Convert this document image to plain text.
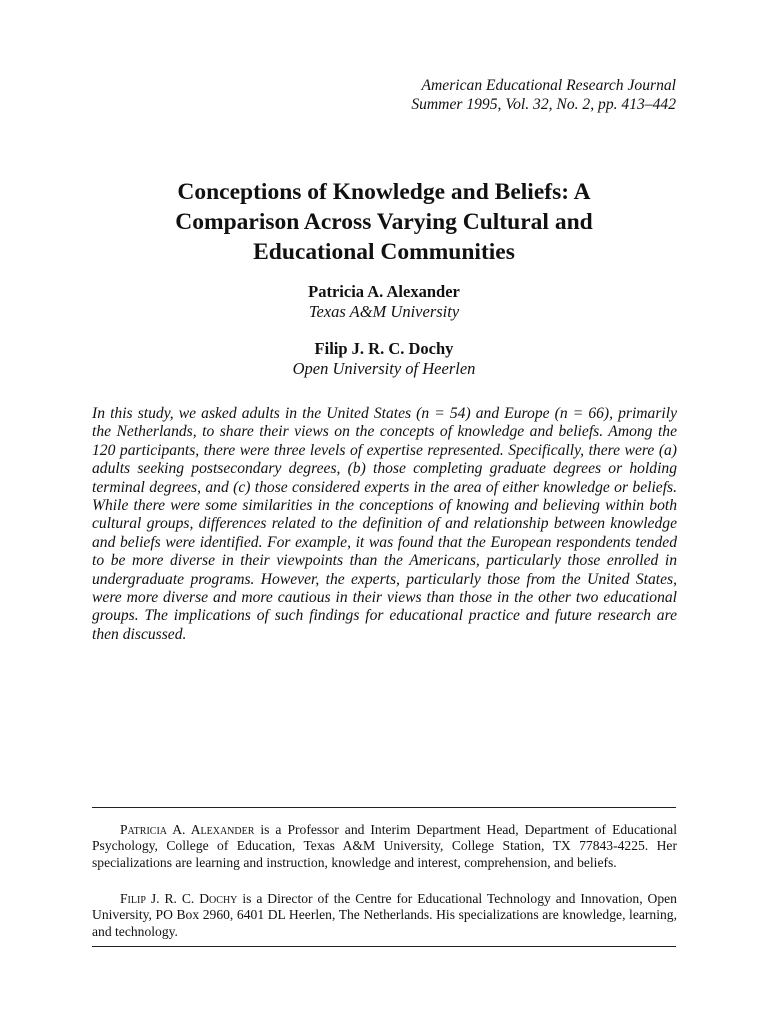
American Educational Research Journal
Summer 1995, Vol. 32, No. 2, pp. 413–442
Conceptions of Knowledge and Beliefs: A
Comparison Across Varying Cultural and
Educational Communities
Patricia A. Alexander
Texas A&M University
Filip J. R. C. Dochy
Open University of Heerlen

In this study, we asked adults in the United States (n = 54) and Europe (n = 66), primarily the Netherlands, to share their views on the concepts of knowledge and beliefs. Among the 120 participants, there were three levels of expertise represented. Specifically, there were (a) adults seeking postsecondary degrees, (b) those completing graduate degrees or holding terminal degrees, and (c) those considered experts in the area of either knowledge or beliefs. While there were some similarities in the conceptions of knowing and believing within both cultural groups, differences related to the definition of and relationship between knowledge and beliefs were identified. For example, it was found that the European respondents tended to be more diverse in their viewpoints than the Americans, particularly those enrolled in undergraduate programs. However, the experts, particularly those from the United States, were more diverse and more cautious in their views than those in the other two educational groups. The implications of such findings for educational practice and future research are then discussed.

Patricia A. Alexander is a Professor and Interim Department Head, Department of Educational Psychology, College of Education, Texas A&M University, College Station, TX 77843-4225. Her specializations are learning and instruction, knowledge and interest, comprehension, and beliefs.

Filip J. R. C. Dochy is a Director of the Centre for Educational Technology and Innovation, Open University, PO Box 2960, 6401 DL Heerlen, The Netherlands. His specializations are knowledge, learning, and technology.
